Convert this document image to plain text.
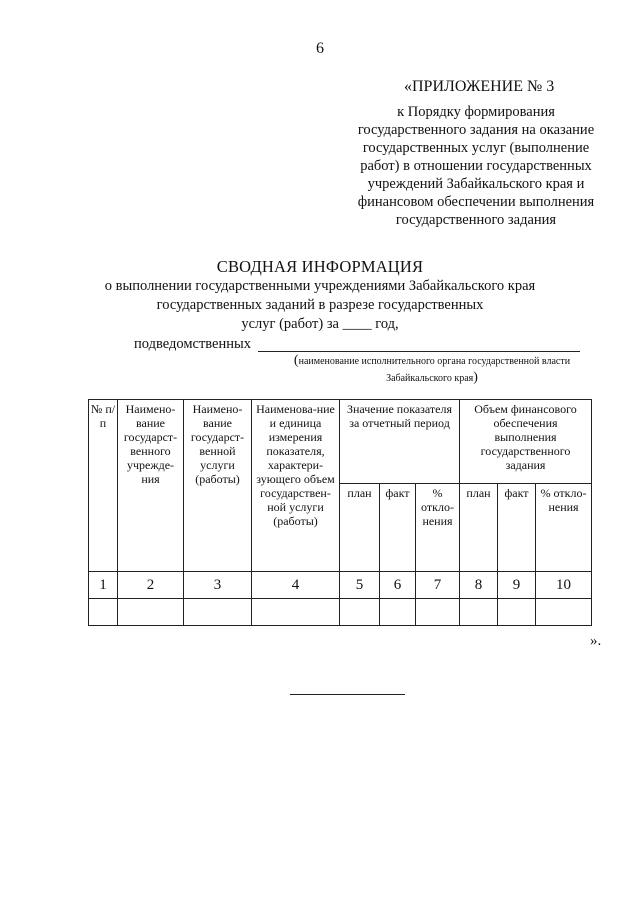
6
«ПРИЛОЖЕНИЕ № 3
к Порядку формирования
государственного задания на оказание
государственных услуг (выполнение
работ) в отношении государственных
учреждений Забайкальского края и
финансовом обеспечении выполнения
государственного задания
СВОДНАЯ ИНФОРМАЦИЯ
о выполнении государственными учреждениями Забайкальского края
государственных заданий в разрезе государственных
услуг (работ) за ____ год,
подведомственных
(наименование исполнительного органа государственной власти
Забайкальского края)
№ п/п	Наимено-вание государст-венного учрежде-ния	Наимено-вание государст-венной услуги (работы)	Наименова-ние и единица измерения показателя, характери-зующего объем государствен-ной услуги (работы)	Значение показателя за отчетный период			Объем финансового обеспечения выполнения государственного задания		
				план	факт	% откло-нения	план	факт	% откло-нения
1	2	3	4	5	6	7	8	9	10

».
